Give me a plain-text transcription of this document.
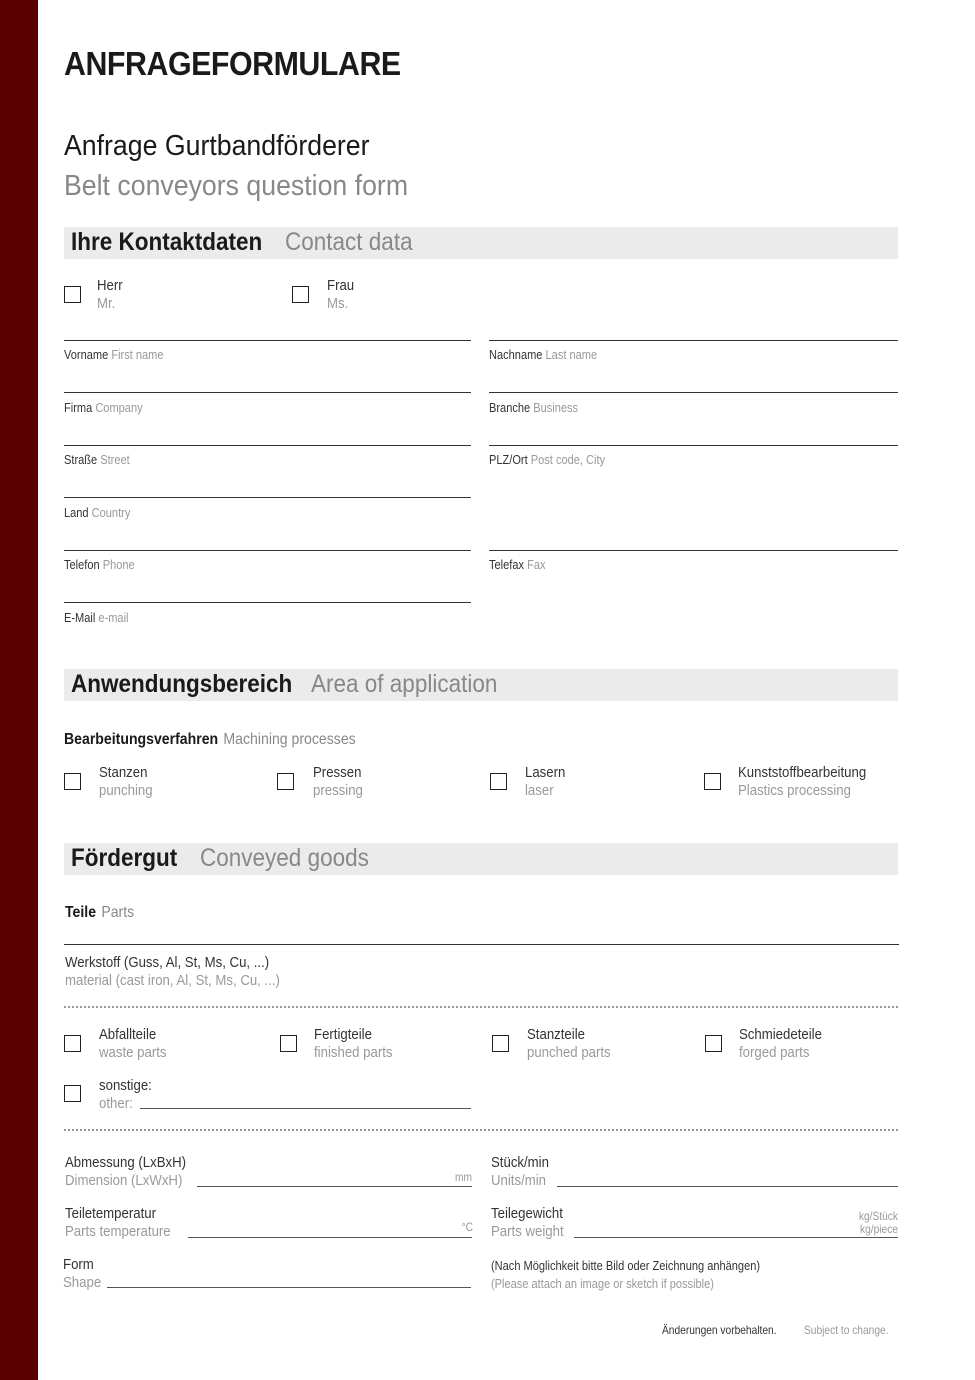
ANFRAGEFORMULARE
Anfrage Gurtbandförderer
Belt conveyors question form
Ihre Kontaktdaten Contact data
Herr
Mr.
Frau
Ms.
Vorname First name	Nachname Last name
Firma Company	Branche Business
Straße Street	PLZ/Ort Post code, City
Land Country
Telefon Phone	Telefax Fax
E-Mail e-mail
Anwendungsbereich Area of application
Bearbeitungsverfahren Machining processes
Stanzen
punching
Pressen
pressing
Lasern
laser
Kunststoffbearbeitung
Plastics processing
Fördergut Conveyed goods
Teile Parts
Werkstoff (Guss, Al, St, Ms, Cu, ...)
material (cast iron, Al, St, Ms, Cu, ...)
Abfallteile
waste parts
Fertigteile
finished parts
Stanzteile
punched parts
Schmiedeteile
forged parts
sonstige:
other:
Abmessung (LxBxH)
Dimension (LxWxH)	mm
Stück/min
Units/min
Teiletemperatur
Parts temperature	°C
Teilegewicht
Parts weight
kg/Stück
kg/piece
Form
Shape
(Nach Möglichkeit bitte Bild oder Zeichnung anhängen)
(Please attach an image or sketch if possible)
Änderungen vorbehalten. Subject to change.
